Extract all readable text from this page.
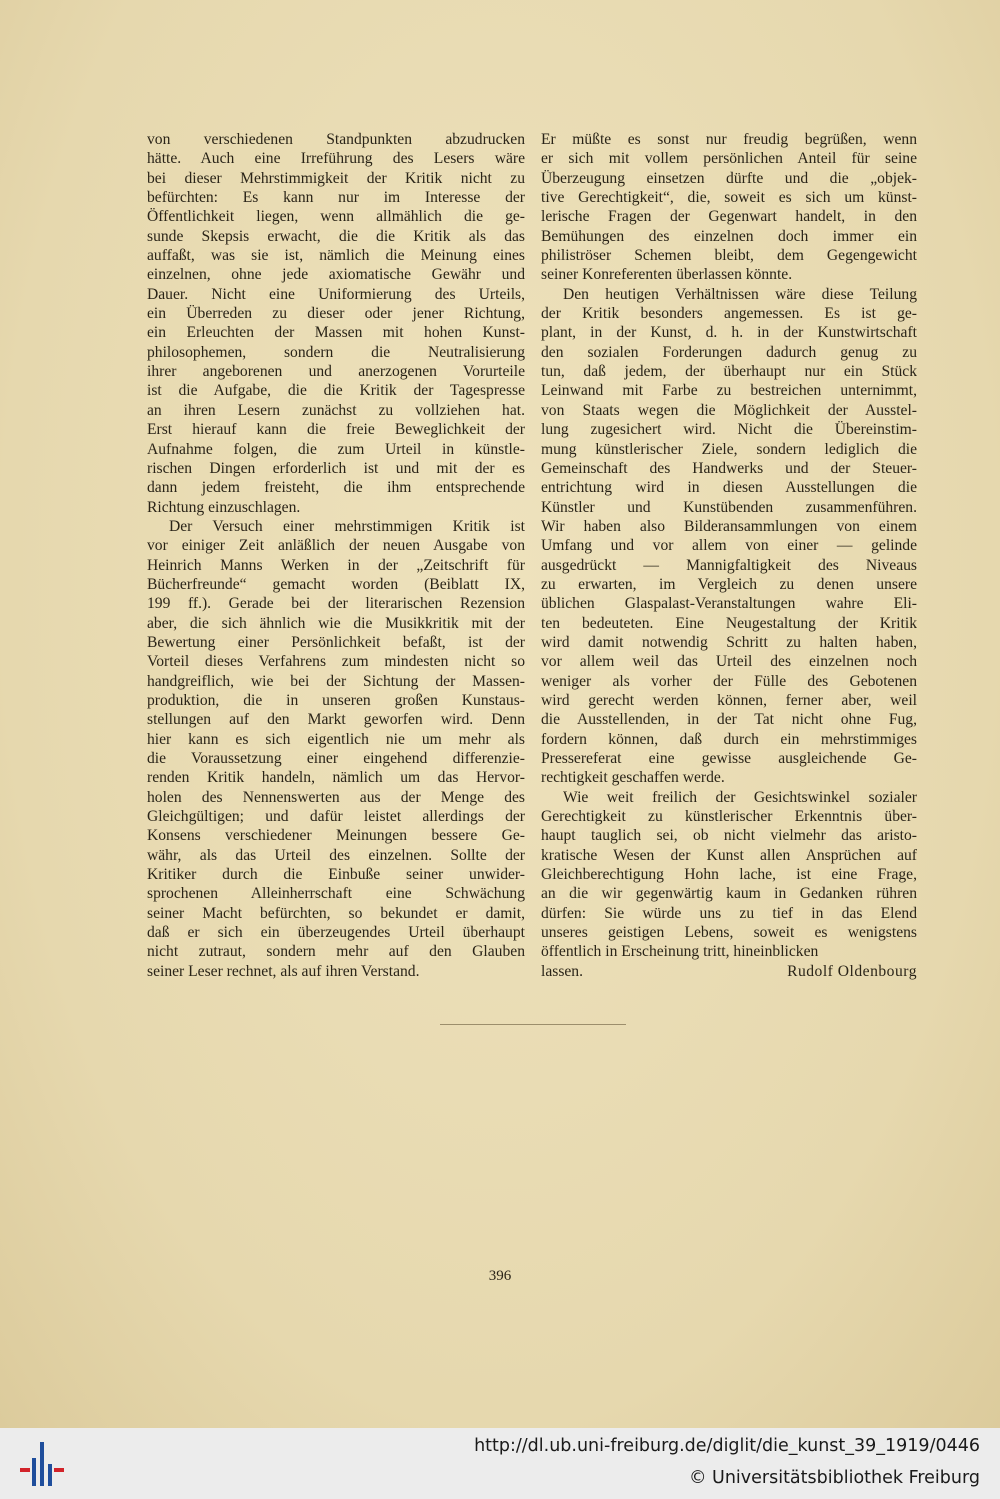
von verschiedenen Standpunkten abzudrucken
hätte. Auch eine Irreführung des Lesers wäre
bei dieser Mehrstimmigkeit der Kritik nicht zu
befürchten: Es kann nur im Interesse der
Öffentlichkeit liegen, wenn allmählich die ge-
sunde Skepsis erwacht, die die Kritik als das
auffaßt, was sie ist, nämlich die Meinung eines
einzelnen, ohne jede axiomatische Gewähr und
Dauer. Nicht eine Uniformierung des Urteils,
ein Überreden zu dieser oder jener Richtung,
ein Erleuchten der Massen mit hohen Kunst-
philosophemen, sondern die Neutralisierung
ihrer angeborenen und anerzogenen Vorurteile
ist die Aufgabe, die die Kritik der Tagespresse
an ihren Lesern zunächst zu vollziehen hat.
Erst hierauf kann die freie Beweglichkeit der
Aufnahme folgen, die zum Urteil in künstle-
rischen Dingen erforderlich ist und mit der es
dann jedem freisteht, die ihm entsprechende
Richtung einzuschlagen.

Der Versuch einer mehrstimmigen Kritik ist
vor einiger Zeit anläßlich der neuen Ausgabe von
Heinrich Manns Werken in der „Zeitschrift für
Bücherfreunde“ gemacht worden (Beiblatt IX,
199 ff.). Gerade bei der literarischen Rezension
aber, die sich ähnlich wie die Musikkritik mit der
Bewertung einer Persönlichkeit befaßt, ist der
Vorteil dieses Verfahrens zum mindesten nicht so
handgreiflich, wie bei der Sichtung der Massen-
produktion, die in unseren großen Kunstaus-
stellungen auf den Markt geworfen wird. Denn
hier kann es sich eigentlich nie um mehr als
die Voraussetzung einer eingehend differenzie-
renden Kritik handeln, nämlich um das Hervor-
holen des Nennenswerten aus der Menge des
Gleichgültigen; und dafür leistet allerdings der
Konsens verschiedener Meinungen bessere Ge-
währ, als das Urteil des einzelnen. Sollte der
Kritiker durch die Einbuße seiner unwider-
sprochenen Alleinherrschaft eine Schwächung
seiner Macht befürchten, so bekundet er damit,
daß er sich ein überzeugendes Urteil überhaupt
nicht zutraut, sondern mehr auf den Glauben
seiner Leser rechnet, als auf ihren Verstand.

Er müßte es sonst nur freudig begrüßen, wenn
er sich mit vollem persönlichen Anteil für seine
Überzeugung einsetzen dürfte und die „objek-
tive Gerechtigkeit“, die, soweit es sich um künst-
lerische Fragen der Gegenwart handelt, in den
Bemühungen des einzelnen doch immer ein
philiströser Schemen bleibt, dem Gegengewicht
seiner Konreferenten überlassen könnte.

Den heutigen Verhältnissen wäre diese Teilung
der Kritik besonders angemessen. Es ist ge-
plant, in der Kunst, d. h. in der Kunstwirtschaft
den sozialen Forderungen dadurch genug zu
tun, daß jedem, der überhaupt nur ein Stück
Leinwand mit Farbe zu bestreichen unternimmt,
von Staats wegen die Möglichkeit der Ausstel-
lung zugesichert wird. Nicht die Übereinstim-
mung künstlerischer Ziele, sondern lediglich die
Gemeinschaft des Handwerks und der Steuer-
entrichtung wird in diesen Ausstellungen die
Künstler und Kunstübenden zusammenführen.
Wir haben also Bilderansammlungen von einem
Umfang und vor allem von einer — gelinde
ausgedrückt — Mannigfaltigkeit des Niveaus
zu erwarten, im Vergleich zu denen unsere
üblichen Glaspalast-Veranstaltungen wahre Eli-
ten bedeuteten. Eine Neugestaltung der Kritik
wird damit notwendig Schritt zu halten haben,
vor allem weil das Urteil des einzelnen noch
weniger als vorher der Fülle des Gebotenen
wird gerecht werden können, ferner aber, weil
die Ausstellenden, in der Tat nicht ohne Fug,
fordern können, daß durch ein mehrstimmiges
Pressereferat eine gewisse ausgleichende Ge-
rechtigkeit geschaffen werde.

Wie weit freilich der Gesichtswinkel sozialer
Gerechtigkeit zu künstlerischer Erkenntnis über-
haupt tauglich sei, ob nicht vielmehr das aristo-
kratische Wesen der Kunst allen Ansprüchen auf
Gleichberechtigung Hohn lache, ist eine Frage,
an die wir gegenwärtig kaum in Gedanken rühren
dürfen: Sie würde uns zu tief in das Elend
unseres geistigen Lebens, soweit es wenigstens
öffentlich in Erscheinung tritt, hineinblicken

lassen.	Rudolf Oldenbourg
396
http://dl.ub.uni-freiburg.de/diglit/die_kunst_39_1919/0446
© Universitätsbibliothek Freiburg
